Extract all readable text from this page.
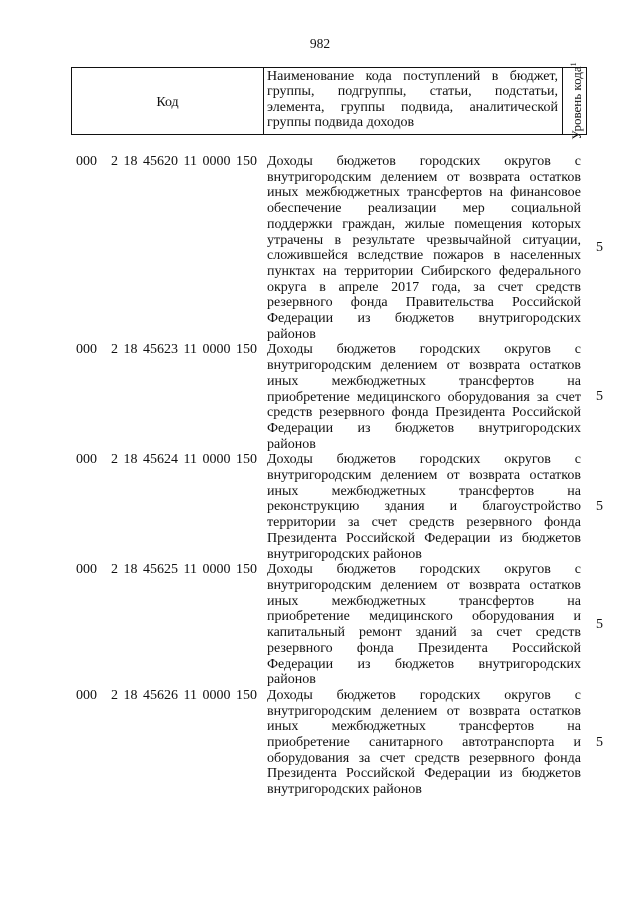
982
Код
Наименование кода поступлений в бюджет, группы, подгруппы, статьи, подстатьи, элемента, группы подвида, аналитической группы подвида доходов	Уровень кода$^1$
000 2 18 45620 11 0000 150 Доходы бюджетов городских округов с
внутригородским делением от возврата остатков
иных межбюджетных трансфертов на финансовое
обеспечение реализации мер социальной
поддержки граждан, жилые помещения которых
утрачены в результате чрезвычайной ситуации,
сложившейся вследствие пожаров в населенных
пунктах на территории Сибирского федерального
округа в апреле 2017 года, за счет средств
резервного фонда Правительства Российской
Федерации из бюджетов внутригородских
районов
5
000 2 18 45623 11 0000 150 Доходы бюджетов городских округов с
внутригородским делением от возврата остатков
иных межбюджетных трансфертов на
приобретение медицинского оборудования за счет
средств резервного фонда Президента Российской
Федерации из бюджетов внутригородских
районов
5
000 2 18 45624 11 0000 150 Доходы бюджетов городских округов с
внутригородским делением от возврата остатков
иных межбюджетных трансфертов на
реконструкцию здания и благоустройство
территории за счет средств резервного фонда
Президента Российской Федерации из бюджетов
внутригородских районов
5
000 2 18 45625 11 0000 150 Доходы бюджетов городских округов с
внутригородским делением от возврата остатков
иных межбюджетных трансфертов на
приобретение медицинского оборудования и
капитальный ремонт зданий за счет средств
резервного фонда Президента Российской
Федерации из бюджетов внутригородских
районов
5
000 2 18 45626 11 0000 150 Доходы бюджетов городских округов с
внутригородским делением от возврата остатков
иных межбюджетных трансфертов на
приобретение санитарного автотранспорта и
оборудования за счет средств резервного фонда
Президента Российской Федерации из бюджетов
внутригородских районов
5
